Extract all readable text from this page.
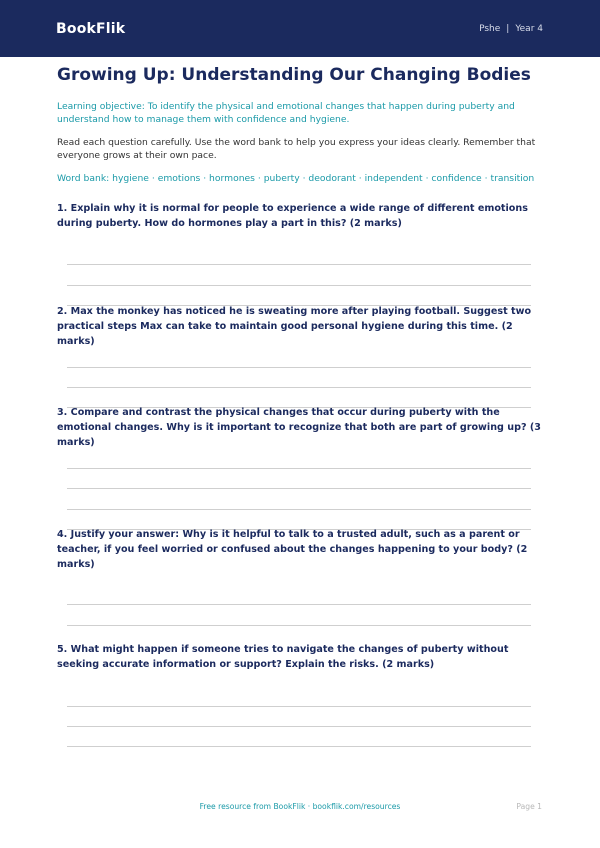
BookFlik	Pshe | Year 4
Growing Up: Understanding Our Changing Bodies

Learning objective: To identify the physical and emotional changes that happen during puberty and understand how to manage them with confidence and hygiene.

Read each question carefully. Use the word bank to help you express your ideas clearly. Remember that everyone grows at their own pace.

Word bank: hygiene · emotions · hormones · puberty · deodorant · independent · confidence · transition

1. Explain why it is normal for people to experience a wide range of different emotions during puberty. How do hormones play a part in this? (2 marks)

2. Max the monkey has noticed he is sweating more after playing football. Suggest two practical steps Max can take to maintain good personal hygiene during this time. (2 marks)

3. Compare and contrast the physical changes that occur during puberty with the emotional changes. Why is it important to recognize that both are part of growing up? (3 marks)

4. Justify your answer: Why is it helpful to talk to a trusted adult, such as a parent or teacher, if you feel worried or confused about the changes happening to your body? (2 marks)

5. What might happen if someone tries to navigate the changes of puberty without seeking accurate information or support? Explain the risks. (2 marks)

Free resource from BookFlik · bookflik.com/resources	Page 1
